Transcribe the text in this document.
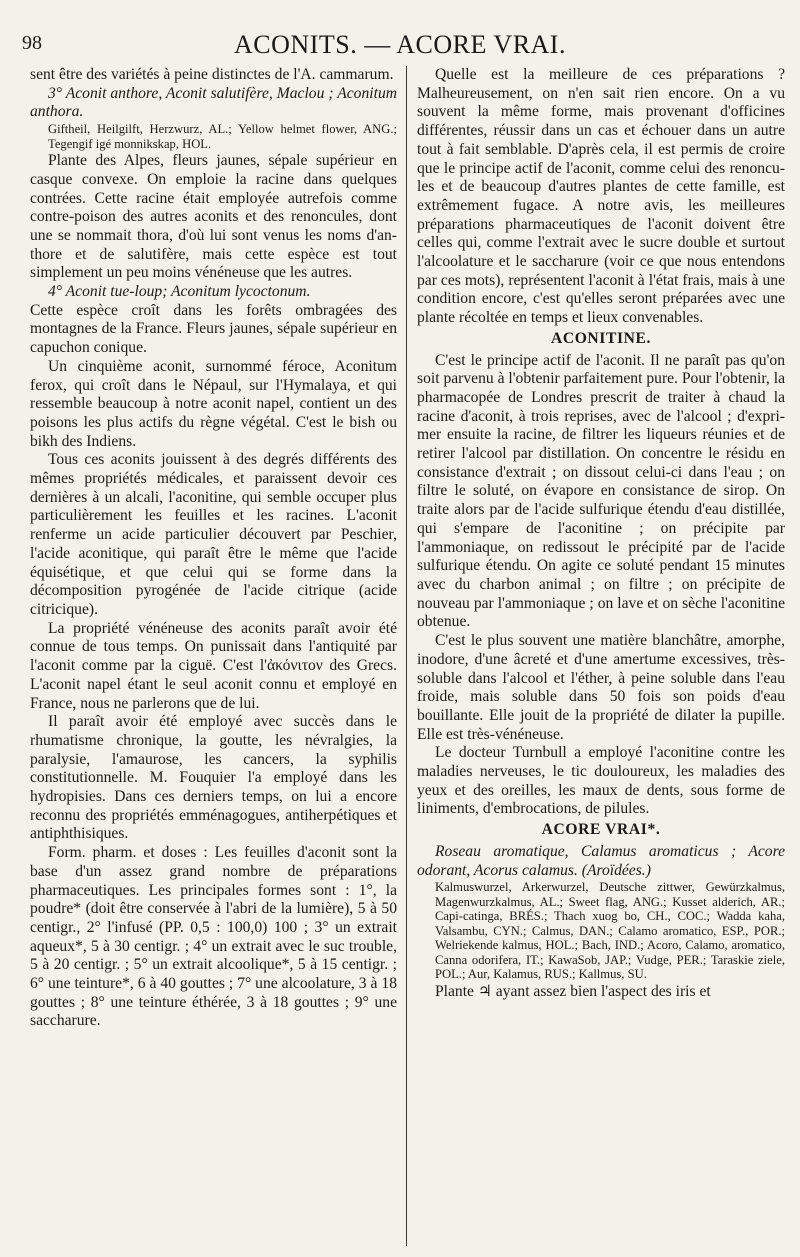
98	ACONITS. — ACORE VRAI.

sent être des variétés à peine distinctes de l'A. cammarum.

3° Aconit anthore, Aconit salutifère, Maclou ; Aconitum anthora.

Giftheil, Heilgilft, Herzwurz, AL.; Yellow helmet flower, ANG.; Tegengif igé monnikskap, HOL.

Plante des Alpes, fleurs jaunes, sépale supérieur en casque convexe. On emploie la racine dans quelques contrées. Cette racine était employée autrefois comme contre-poison des autres aconits et des renoncules, dont une se nommait thora, d'où lui sont venus les noms d'anthore et de salutifère, mais cette espèce est tout simplement un peu moins vénéneuse que les autres.

4° Aconit tue-loup; Aconitum lycoctonum.

Cette espèce croît dans les forêts ombragées des montagnes de la France. Fleurs jaunes, sépale supérieur en capuchon conique.

Un cinquième aconit, surnommé féroce, Aconitum ferox, qui croît dans le Népaul, sur l'Hymalaya, et qui ressemble beaucoup à notre aconit napel, contient un des poisons les plus actifs du règne végétal. C'est le bish ou bikh des Indiens.

Tous ces aconits jouissent à des degrés différents des mêmes propriétés médicales, et paraissent devoir ces dernières à un alcali, l'aconitine, qui semble occuper plus particulièrement les feuilles et les racines. L'aconit renferme un acide particulier découvert par Peschier, l'acide aconitique, qui paraît être le même que l'acide équisétique, et que celui qui se forme dans la décomposition pyrogénée de l'acide citrique (acide citricique).

La propriété vénéneuse des aconits paraît avoir été connue de tous temps. On punissait dans l'antiquité par l'aconit comme par la ciguë. C'est l'ἀκόνιτον des Grecs. L'aconit napel étant le seul aconit connu et employé en France, nous ne parlerons que de lui.

Il paraît avoir été employé avec succès dans le rhumatisme chronique, la goutte, les névralgies, la paralysie, l'amaurose, les cancers, la syphilis constitutionnelle. M. Fouquier l'a employé dans les hydropisies. Dans ces derniers temps, on lui a encore reconnu des propriétés emménagogues, antiherpétiques et antiphthisiques.

Form. pharm. et doses : Les feuilles d'aconit sont la base d'un assez grand nombre de préparations pharmaceutiques. Les principales formes sont : 1°, la poudre* (doit être conservée à l'abri de la lumière), 5 à 50 centigr., 2° l'infusé (PP. 0,5 : 100,0) 100 ; 3° un extrait aqueux*, 5 à 30 centigr. ; 4° un extrait avec le suc trouble, 5 à 20 centigr. ; 5° un extrait alcoolique*, 5 à 15 centigr. ; 6° une teinture*, 6 à 40 gouttes ; 7° une alcoolature, 3 à 18 gouttes ; 8° une teinture éthérée, 3 à 18 gouttes ; 9° une saccharure.

Quelle est la meilleure de ces préparations ? Malheureusement, on n'en sait rien encore. On a vu souvent la même forme, mais provenant d'officines différentes, réussir dans un cas et échouer dans un autre tout à fait semblable. D'après cela, il est permis de croire que le principe actif de l'aconit, comme celui des renoncules et de beaucoup d'autres plantes de cette famille, est extrêmement fugace. A notre avis, les meilleures préparations pharmaceutiques de l'aconit doivent être celles qui, comme l'extrait avec le sucre double et surtout l'alcoolature et le saccharure (voir ce que nous entendons par ces mots), représentent l'aconit à l'état frais, mais à une condition encore, c'est qu'elles seront préparées avec une plante récoltée en temps et lieux convenables.

ACONITINE.

C'est le principe actif de l'aconit. Il ne paraît pas qu'on soit parvenu à l'obtenir parfaitement pure. Pour l'obtenir, la pharmacopée de Londres prescrit de traiter à chaud la racine d'aconit, à trois reprises, avec de l'alcool ; d'exprimer ensuite la racine, de filtrer les liqueurs réunies et de retirer l'alcool par distillation. On concentre le résidu en consistance d'extrait ; on dissout celui-ci dans l'eau ; on filtre le soluté, on évapore en consistance de sirop. On traite alors par de l'acide sulfurique étendu d'eau distillée, qui s'empare de l'aconitine ; on précipite par l'ammoniaque, on redissout le précipité par de l'acide sulfurique étendu. On agite ce soluté pendant 15 minutes avec du charbon animal ; on filtre ; on précipite de nouveau par l'ammoniaque ; on lave et on sèche l'aconitine obtenue.

C'est le plus souvent une matière blanchâtre, amorphe, inodore, d'une âcreté et d'une amertume excessives, très-soluble dans l'alcool et l'éther, à peine soluble dans l'eau froide, mais soluble dans 50 fois son poids d'eau bouillante. Elle jouit de la propriété de dilater la pupille. Elle est très-vénéneuse.

Le docteur Turnbull a employé l'aconitine contre les maladies nerveuses, le tic douloureux, les maladies des yeux et des oreilles, les maux de dents, sous forme de liniments, d'embrocations, de pilules.

ACORE VRAI*.

Roseau aromatique, Calamus aromaticus ; Acore odorant, Acorus calamus. (Aroïdées.)

Kalmuswurzel, Arkerwurzel, Deutsche zittwer, Gewürzkalmus, Magenwurzkalmus, AL.; Sweet flag, ANG.; Kusset alderich, AR.; Capi-catinga, BRÉS.; Thach xuog bo, CH., COC.; Wadda kaha, Valsambu, CYN.; Calmus, DAN.; Calamo aromatico, ESP., POR.; Welriekende kalmus, HOL.; Bach, IND.; Acoro, Calamo, aromatico, Canna odorifera, IT.; KawaSob, JAP.; Vudge, PER.; Taraskie ziele, POL.; Aur, Kalamus, RUS.; Kallmus, SU.

Plante ♃ ayant assez bien l'aspect des iris et
